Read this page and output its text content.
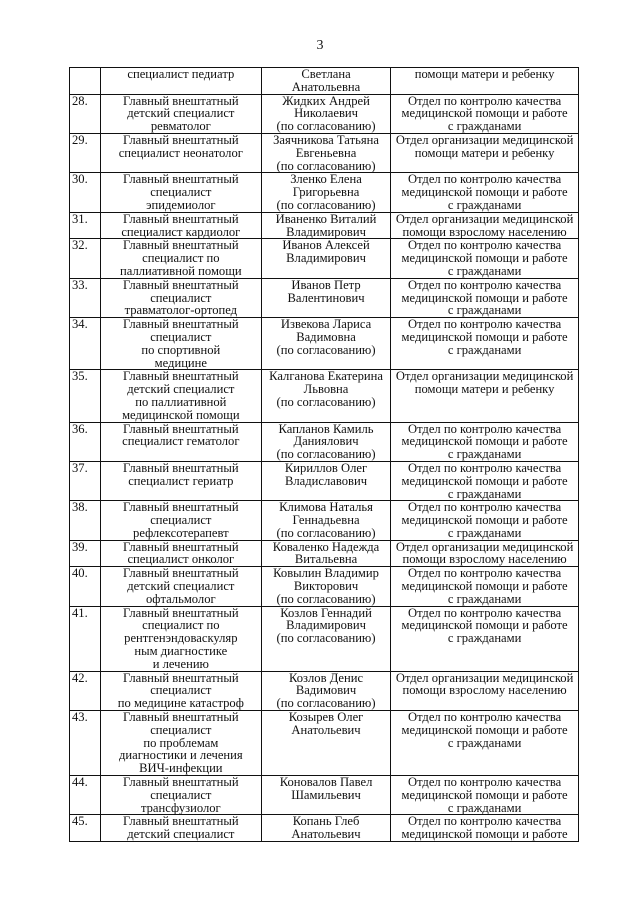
3

	специалист педиатр	Светлана
Анатольевна	помощи матери и ребенку

28.	Главный внештатный
детский специалист
ревматолог	Жидких Андрей
Николаевич
(по согласованию)	Отдел по контролю качества
медицинской помощи и работе
с гражданами

29.	Главный внештатный
специалист неонатолог	Заячникова Татьяна
Евгеньевна
(по согласованию)	Отдел организации медицинской
помощи матери и ребенку

30.	Главный внештатный
специалист
эпидемиолог	Зленко Елена
Григорьевна
(по согласованию)	Отдел по контролю качества
медицинской помощи и работе
с гражданами

31.	Главный внештатный
специалист кардиолог	Иваненко Виталий
Владимирович	Отдел организации медицинской
помощи взрослому населению

32.	Главный внештатный
специалист по
паллиативной помощи	Иванов Алексей
Владимирович	Отдел по контролю качества
медицинской помощи и работе
с гражданами

33.	Главный внештатный
специалист
травматолог-ортопед	Иванов Петр
Валентинович	Отдел по контролю качества
медицинской помощи и работе
с гражданами

34.	Главный внештатный
специалист
по спортивной
медицине	Извекова Лариса
Вадимовна
(по согласованию)	Отдел по контролю качества
медицинской помощи и работе
с гражданами

35.	Главный внештатный
детский специалист
по паллиативной
медицинской помощи	Калганова Екатерина
Львовна
(по согласованию)	Отдел организации медицинской
помощи матери и ребенку

36.	Главный внештатный
специалист гематолог	Капланов Камиль
Даниялович
(по согласованию)	Отдел по контролю качества
медицинской помощи и работе
с гражданами

37.	Главный внештатный
специалист гериатр	Кириллов Олег
Владиславович	Отдел по контролю качества
медицинской помощи и работе
с гражданами

38.	Главный внештатный
специалист
рефлексотерапевт	Климова Наталья
Геннадьевна
(по согласованию)	Отдел по контролю качества
медицинской помощи и работе
с гражданами

39.	Главный внештатный
специалист онколог	Коваленко Надежда
Витальевна	Отдел организации медицинской
помощи взрослому населению

40.	Главный внештатный
детский специалист
офтальмолог	Ковылин Владимир
Викторович
(по согласованию)	Отдел по контролю качества
медицинской помощи и работе
с гражданами

41.	Главный внештатный
специалист по
рентгенэндоваскуляр
ным диагностике
и лечению	Козлов Геннадий
Владимирович
(по согласованию)	Отдел по контролю качества
медицинской помощи и работе
с гражданами

42.	Главный внештатный
специалист
по медицине катастроф	Козлов Денис
Вадимович
(по согласованию)	Отдел организации медицинской
помощи взрослому населению

43.	Главный внештатный
специалист
по проблемам
диагностики и лечения
ВИЧ-инфекции	Козырев Олег
Анатольевич	Отдел по контролю качества
медицинской помощи и работе
с гражданами

44.	Главный внештатный
специалист
трансфузиолог	Коновалов Павел
Шамильевич	Отдел по контролю качества
медицинской помощи и работе
с гражданами

45.	Главный внештатный
детский специалист	Копань Глеб
Анатольевич	Отдел по контролю качества
медицинской помощи и работе
